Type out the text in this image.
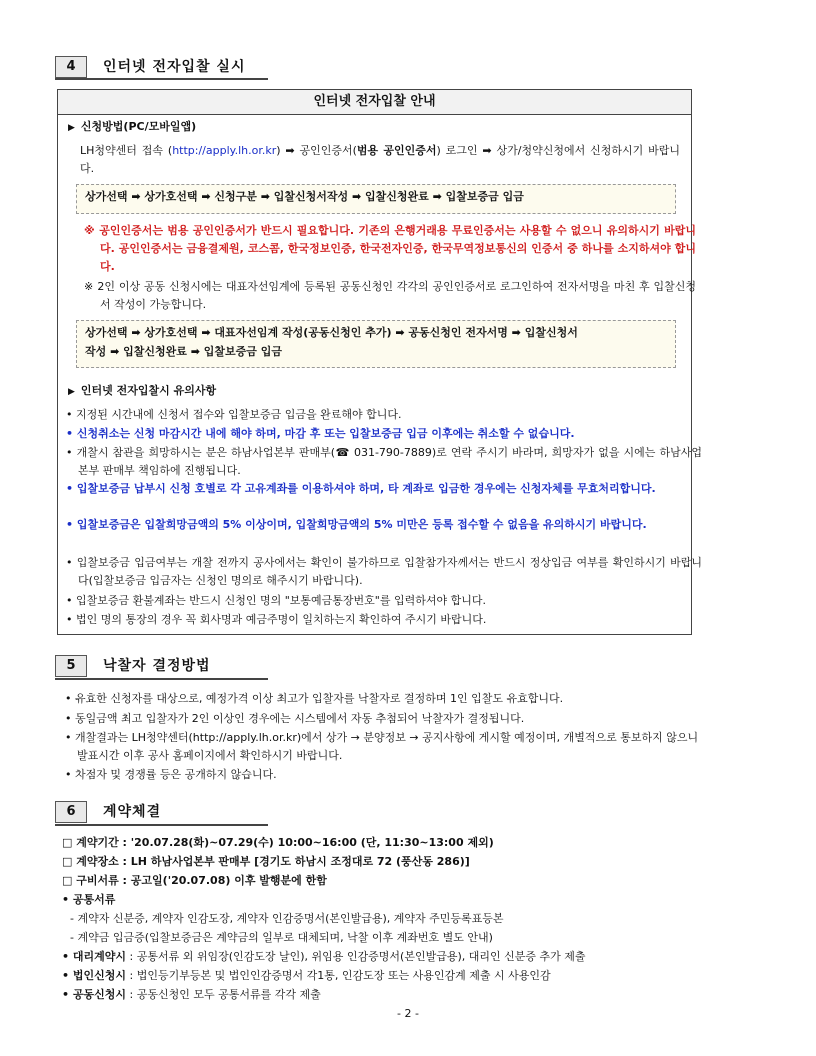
4	인터넷 전자입찰 실시
인터넷 전자입찰 안내
▶ 신청방법(PC/모바일앱)
LH청약센터 접속 (http://apply.lh.or.kr) ➡ 공인인증서(범용 공인인증서) 로그인 ➡ 상가/청약신청에서 신청하시기 바랍니다.
상가선택 ➡ 상가호선택 ➡ 신청구분 ➡ 입찰신청서작성 ➡ 입찰신청완료 ➡ 입찰보증금 입금
※ 공인인증서는 범용 공인인증서가 반드시 필요합니다. 기존의 은행거래용 무료인증서는 사용할 수 없으니 유의하시기 바랍니다. 공인인증서는 금융결제원, 코스콤, 한국정보인증, 한국전자인증, 한국무역정보통신의 인증서 중 하나를 소지하셔야 합니다.
※ 2인 이상 공동 신청시에는 대표자선임계에 등록된 공동신청인 각각의 공인인증서로 로그인하여 전자서명을 마친 후 입찰신청서 작성이 가능합니다.
상가선택 ➡ 상가호선택 ➡ 대표자선임계 작성(공동신청인 추가) ➡ 공동신청인 전자서명 ➡ 입찰신청서
작성 ➡ 입찰신청완료 ➡ 입찰보증금 입금
▶ 인터넷 전자입찰시 유의사항
• 지정된 시간내에 신청서 접수와 입찰보증금 입금을 완료해야 합니다.
• 신청취소는 신청 마감시간 내에 해야 하며, 마감 후 또는 입찰보증금 입금 이후에는 취소할 수 없습니다.
• 개찰시 참관을 희망하시는 분은 하남사업본부 판매부(☎ 031-790-7889)로 연락 주시기 바라며, 희망자가 없을 시에는 하남사업본부 판매부 책임하에 진행됩니다.
• 입찰보증금 납부시 신청 호별로 각 고유계좌를 이용하셔야 하며, 타 계좌로 입금한 경우에는 신청자체를 무효처리합니다.
• 입찰보증금은 입찰희망금액의 5% 이상이며, 입찰희망금액의 5% 미만은 등록 접수할 수 없음을 유의하시기 바랍니다.
• 입찰보증금 입금여부는 개찰 전까지 공사에서는 확인이 불가하므로 입찰참가자께서는 반드시 정상입금 여부를 확인하시기 바랍니다(입찰보증금 입금자는 신청인 명의로 해주시기 바랍니다).
• 입찰보증금 환불계좌는 반드시 신청인 명의 "보통예금통장번호"를 입력하셔야 합니다.
• 법인 명의 통장의 경우 꼭 회사명과 예금주명이 일치하는지 확인하여 주시기 바랍니다.
5	낙찰자 결정방법
• 유효한 신청자를 대상으로, 예정가격 이상 최고가 입찰자를 낙찰자로 결정하며 1인 입찰도 유효합니다.
• 동일금액 최고 입찰자가 2인 이상인 경우에는 시스템에서 자동 추첨되어 낙찰자가 결정됩니다.
• 개찰결과는 LH청약센터(http://apply.lh.or.kr)에서 상가 → 분양정보 → 공지사항에 게시할 예정이며, 개별적으로 통보하지 않으니 발표시간 이후 공사 홈페이지에서 확인하시기 바랍니다.
• 차점자 및 경쟁률 등은 공개하지 않습니다.
6	계약체결
□ 계약기간 : '20.07.28(화)~07.29(수) 10:00~16:00 (단, 11:30~13:00 제외)
□ 계약장소 : LH 하남사업본부 판매부 [경기도 하남시 조정대로 72 (풍산동 286)]
□ 구비서류 : 공고일('20.07.08) 이후 발행분에 한함
• 공통서류
- 계약자 신분증, 계약자 인감도장, 계약자 인감증명서(본인발급용), 계약자 주민등록표등본
- 계약금 입금증(입찰보증금은 계약금의 일부로 대체되며, 낙찰 이후 계좌번호 별도 안내)
• 대리계약시 : 공통서류 외 위임장(인감도장 날인), 위임용 인감증명서(본인발급용), 대리인 신분증 추가 제출
• 법인신청시 : 법인등기부등본 및 법인인감증명서 각1통, 인감도장 또는 사용인감계 제출 시 사용인감
• 공동신청시 : 공동신청인 모두 공통서류를 각각 제출
- 2 -
